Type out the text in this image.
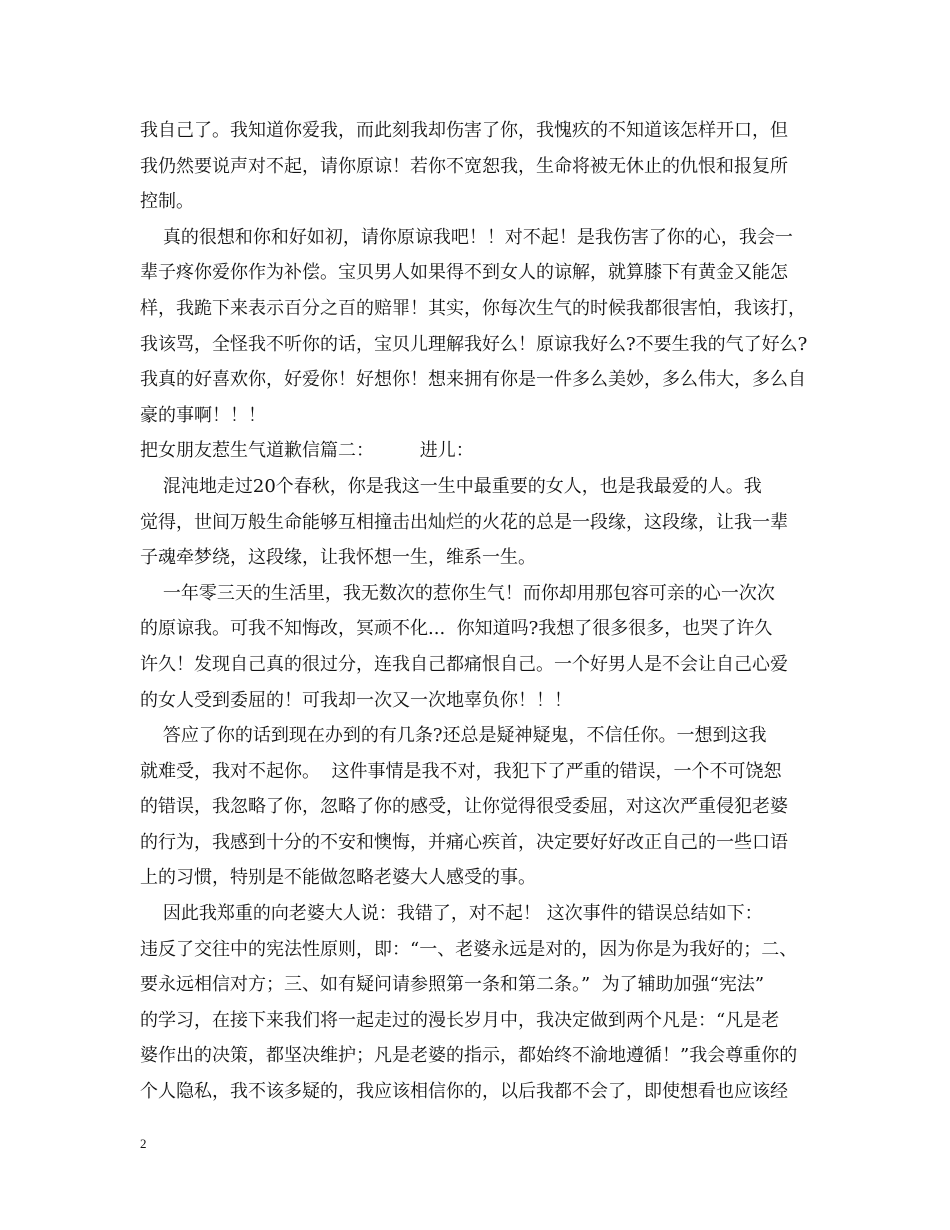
我自己了。我知道你爱我，而此刻我却伤害了你，我愧疚的不知道该怎样开口，但
我仍然要说声对不起，请你原谅！若你不宽恕我，生命将被无休止的仇恨和报复所
控制。
真的很想和你和好如初，请你原谅我吧！！对不起！是我伤害了你的心，我会一
辈子疼你爱你作为补偿。宝贝男人如果得不到女人的谅解，就算膝下有黄金又能怎
样，我跪下来表示百分之百的赔罪！其实，你每次生气的时候我都很害怕，我该打，
我该骂，全怪我不听你的话，宝贝儿理解我好么！原谅我好么?不要生我的气了好么?
我真的好喜欢你，好爱你！好想你！想来拥有你是一件多么美妙，多么伟大，多么自
豪的事啊！！！
把女朋友惹生气道歉信篇二：        进儿：
混沌地走过20个春秋，你是我这一生中最重要的女人，也是我最爱的人。我
觉得，世间万般生命能够互相撞击出灿烂的火花的总是一段缘，这段缘，让我一辈
子魂牵梦绕，这段缘，让我怀想一生，维系一生。
一年零三天的生活里，我无数次的惹你生气！而你却用那包容可亲的心一次次
的原谅我。可我不知悔改，冥顽不化...  你知道吗?我想了很多很多，也哭了许久
许久！发现自己真的很过分，连我自己都痛恨自己。一个好男人是不会让自己心爱
的女人受到委屈的！可我却一次又一次地辜负你！！！
答应了你的话到现在办到的有几条?还总是疑神疑鬼，不信任你。一想到这我
就难受，我对不起你。  这件事情是我不对，我犯下了严重的错误，一个不可饶恕
的错误，我忽略了你，忽略了你的感受，让你觉得很受委屈，对这次严重侵犯老婆
的行为，我感到十分的不安和懊悔，并痛心疾首，决定要好好改正自己的一些口语
上的习惯，特别是不能做忽略老婆大人感受的事。
因此我郑重的向老婆大人说：我错了，对不起！ 这次事件的错误总结如下：
违反了交往中的宪法性原则，即：“一、老婆永远是对的，因为你是为我好的；二、
要永远相信对方；三、如有疑问请参照第一条和第二条。”  为了辅助加强“宪法”
的学习，在接下来我们将一起走过的漫长岁月中，我决定做到两个凡是：“凡是老
婆作出的决策，都坚决维护；凡是老婆的指示，都始终不渝地遵循！”我会尊重你的
个人隐私，我不该多疑的，我应该相信你的，以后我都不会了，即使想看也应该经
2
